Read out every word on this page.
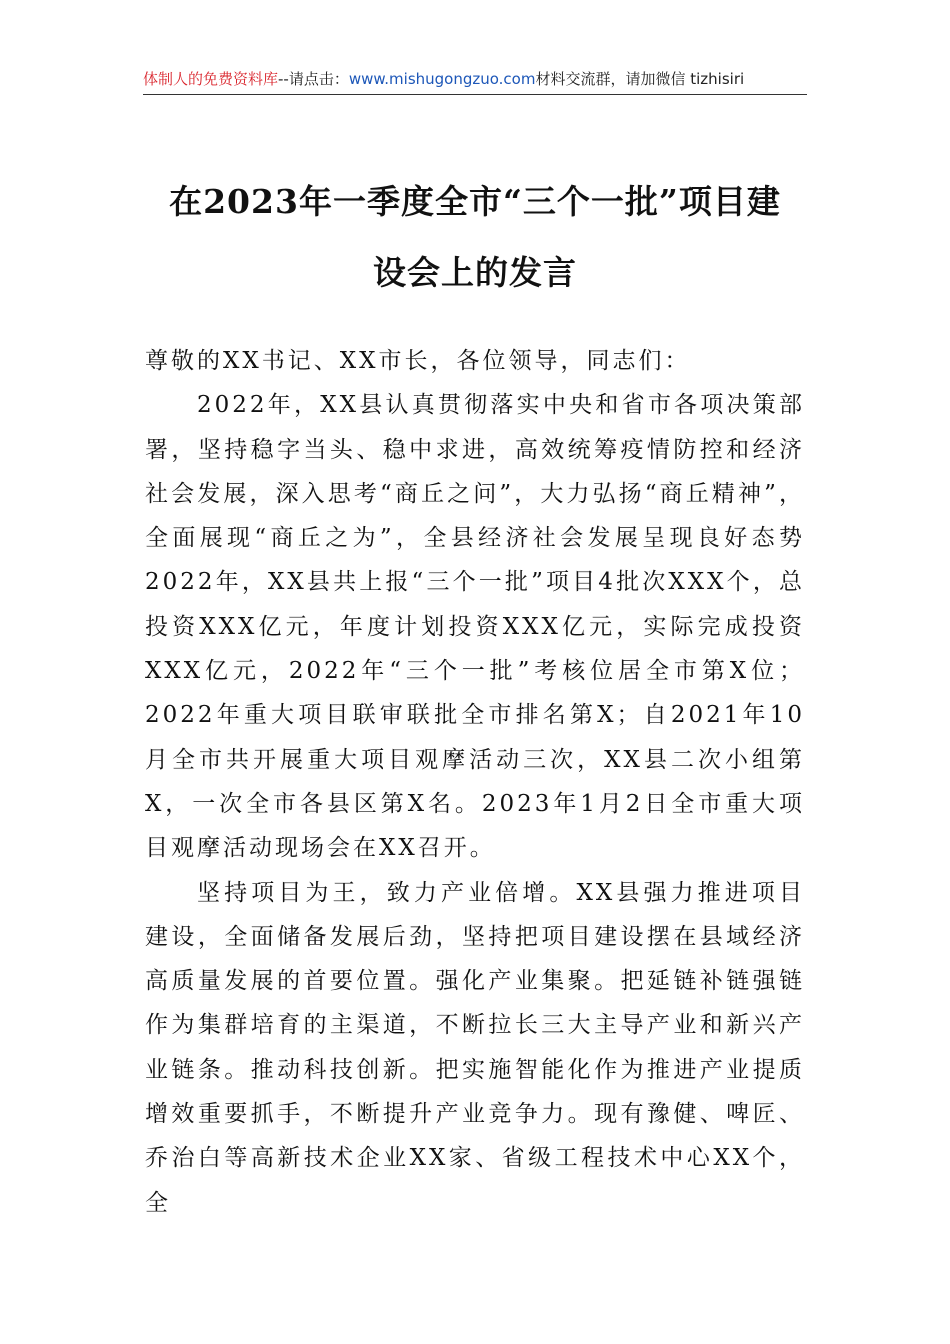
体制人的免费资料库--请点击：www.mishugongzuo.com材料交流群，请加微信 tizhisiri
在2023年一季度全市“三个一批”项目建
设会上的发言

尊敬的XX书记、XX市长，各位领导，同志们：

2022年，XX县认真贯彻落实中央和省市各项决策部署，坚持稳字当头、稳中求进，高效统筹疫情防控和经济社会发展，深入思考“商丘之问”，大力弘扬“商丘精神”，全面展现“商丘之为”，全县经济社会发展呈现良好态势2022年，XX县共上报“三个一批”项目4批次XXX个，总投资XXX亿元，年度计划投资XXX亿元，实际完成投资XXX亿元，2022年“三个一批”考核位居全市第X位；2022年重大项目联审联批全市排名第X；自2021年10月全市共开展重大项目观摩活动三次，XX县二次小组第X，一次全市各县区第X名。2023年1月2日全市重大项目观摩活动现场会在XX召开。

坚持项目为王，致力产业倍增。XX县强力推进项目建设，全面储备发展后劲，坚持把项目建设摆在县域经济高质量发展的首要位置。强化产业集聚。把延链补链强链作为集群培育的主渠道，不断拉长三大主导产业和新兴产业链条。推动科技创新。把实施智能化作为推进产业提质增效重要抓手，不断提升产业竞争力。现有豫健、啤匠、乔治白等高新技术企业XX家、省级工程技术中心XX个，全
